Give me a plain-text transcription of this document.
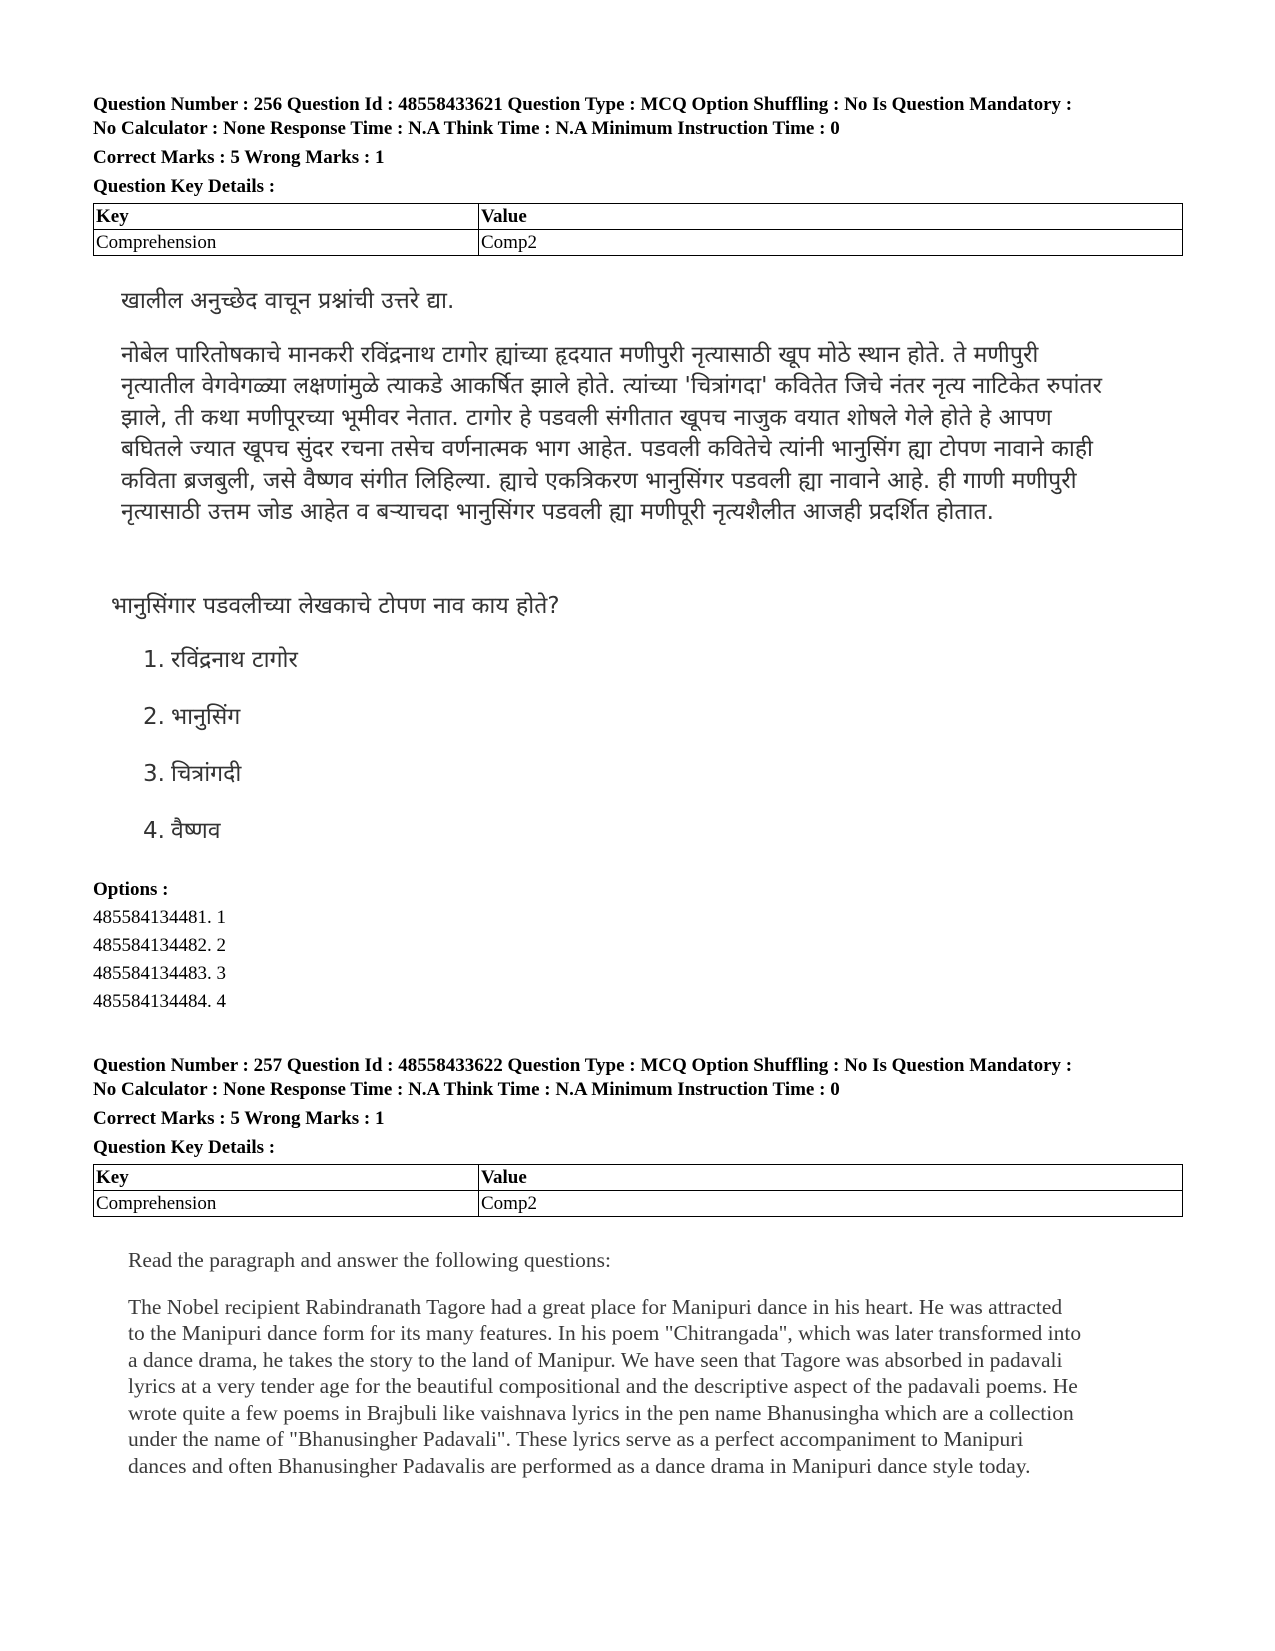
Question Number : 256 Question Id : 48558433621 Question Type : MCQ Option Shuffling : No Is Question Mandatory :
No Calculator : None Response Time : N.A Think Time : N.A Minimum Instruction Time : 0
Correct Marks : 5 Wrong Marks : 1
Question Key Details :
Key	Value
Comprehension	Comp2
खालील अनुच्छेद वाचून प्रश्नांची उत्तरे द्या.
नोबेल पारितोषकाचे मानकरी रविंद्रनाथ टागोर ह्यांच्या हृदयात मणीपुरी नृत्यासाठी खूप मोठे स्थान होते. ते मणीपुरी
नृत्यातील वेगवेगळ्या लक्षणांमुळे त्याकडे आकर्षित झाले होते. त्यांच्या 'चित्रांगदा' कवितेत जिचे नंतर नृत्य नाटिकेत रुपांतर
झाले, ती कथा मणीपूरच्या भूमीवर नेतात. टागोर हे पडवली संगीतात खूपच नाजुक वयात शोषले गेले होते हे आपण
बघितले ज्यात खूपच सुंदर रचना तसेच वर्णनात्मक भाग आहेत. पडवली कवितेचे त्यांनी भानुसिंग ह्या टोपण नावाने काही
कविता ब्रजबुली, जसे वैष्णव संगीत लिहिल्या. ह्याचे एकत्रिकरण भानुसिंगर पडवली ह्या नावाने आहे. ही गाणी मणीपुरी
नृत्यासाठी उत्तम जोड आहेत व बऱ्याचदा भानुसिंगर पडवली ह्या मणीपूरी नृत्यशैलीत आजही प्रदर्शित होतात.
भानुसिंगार पडवलीच्या लेखकाचे टोपण नाव काय होते?
1. रविंद्रनाथ टागोर
2. भानुसिंग
3. चित्रांगदी
4. वैष्णव
Options :
485584134481. 1
485584134482. 2
485584134483. 3
485584134484. 4
Question Number : 257 Question Id : 48558433622 Question Type : MCQ Option Shuffling : No Is Question Mandatory :
No Calculator : None Response Time : N.A Think Time : N.A Minimum Instruction Time : 0
Correct Marks : 5 Wrong Marks : 1
Question Key Details :
Key	Value
Comprehension	Comp2
Read the paragraph and answer the following questions:
The Nobel recipient Rabindranath Tagore had a great place for Manipuri dance in his heart. He was attracted
to the Manipuri dance form for its many features. In his poem "Chitrangada", which was later transformed into
a dance drama, he takes the story to the land of Manipur. We have seen that Tagore was absorbed in padavali
lyrics at a very tender age for the beautiful compositional and the descriptive aspect of the padavali poems. He
wrote quite a few poems in Brajbuli like vaishnava lyrics in the pen name Bhanusingha which are a collection
under the name of "Bhanusingher Padavali". These lyrics serve as a perfect accompaniment to Manipuri
dances and often Bhanusingher Padavalis are performed as a dance drama in Manipuri dance style today.
